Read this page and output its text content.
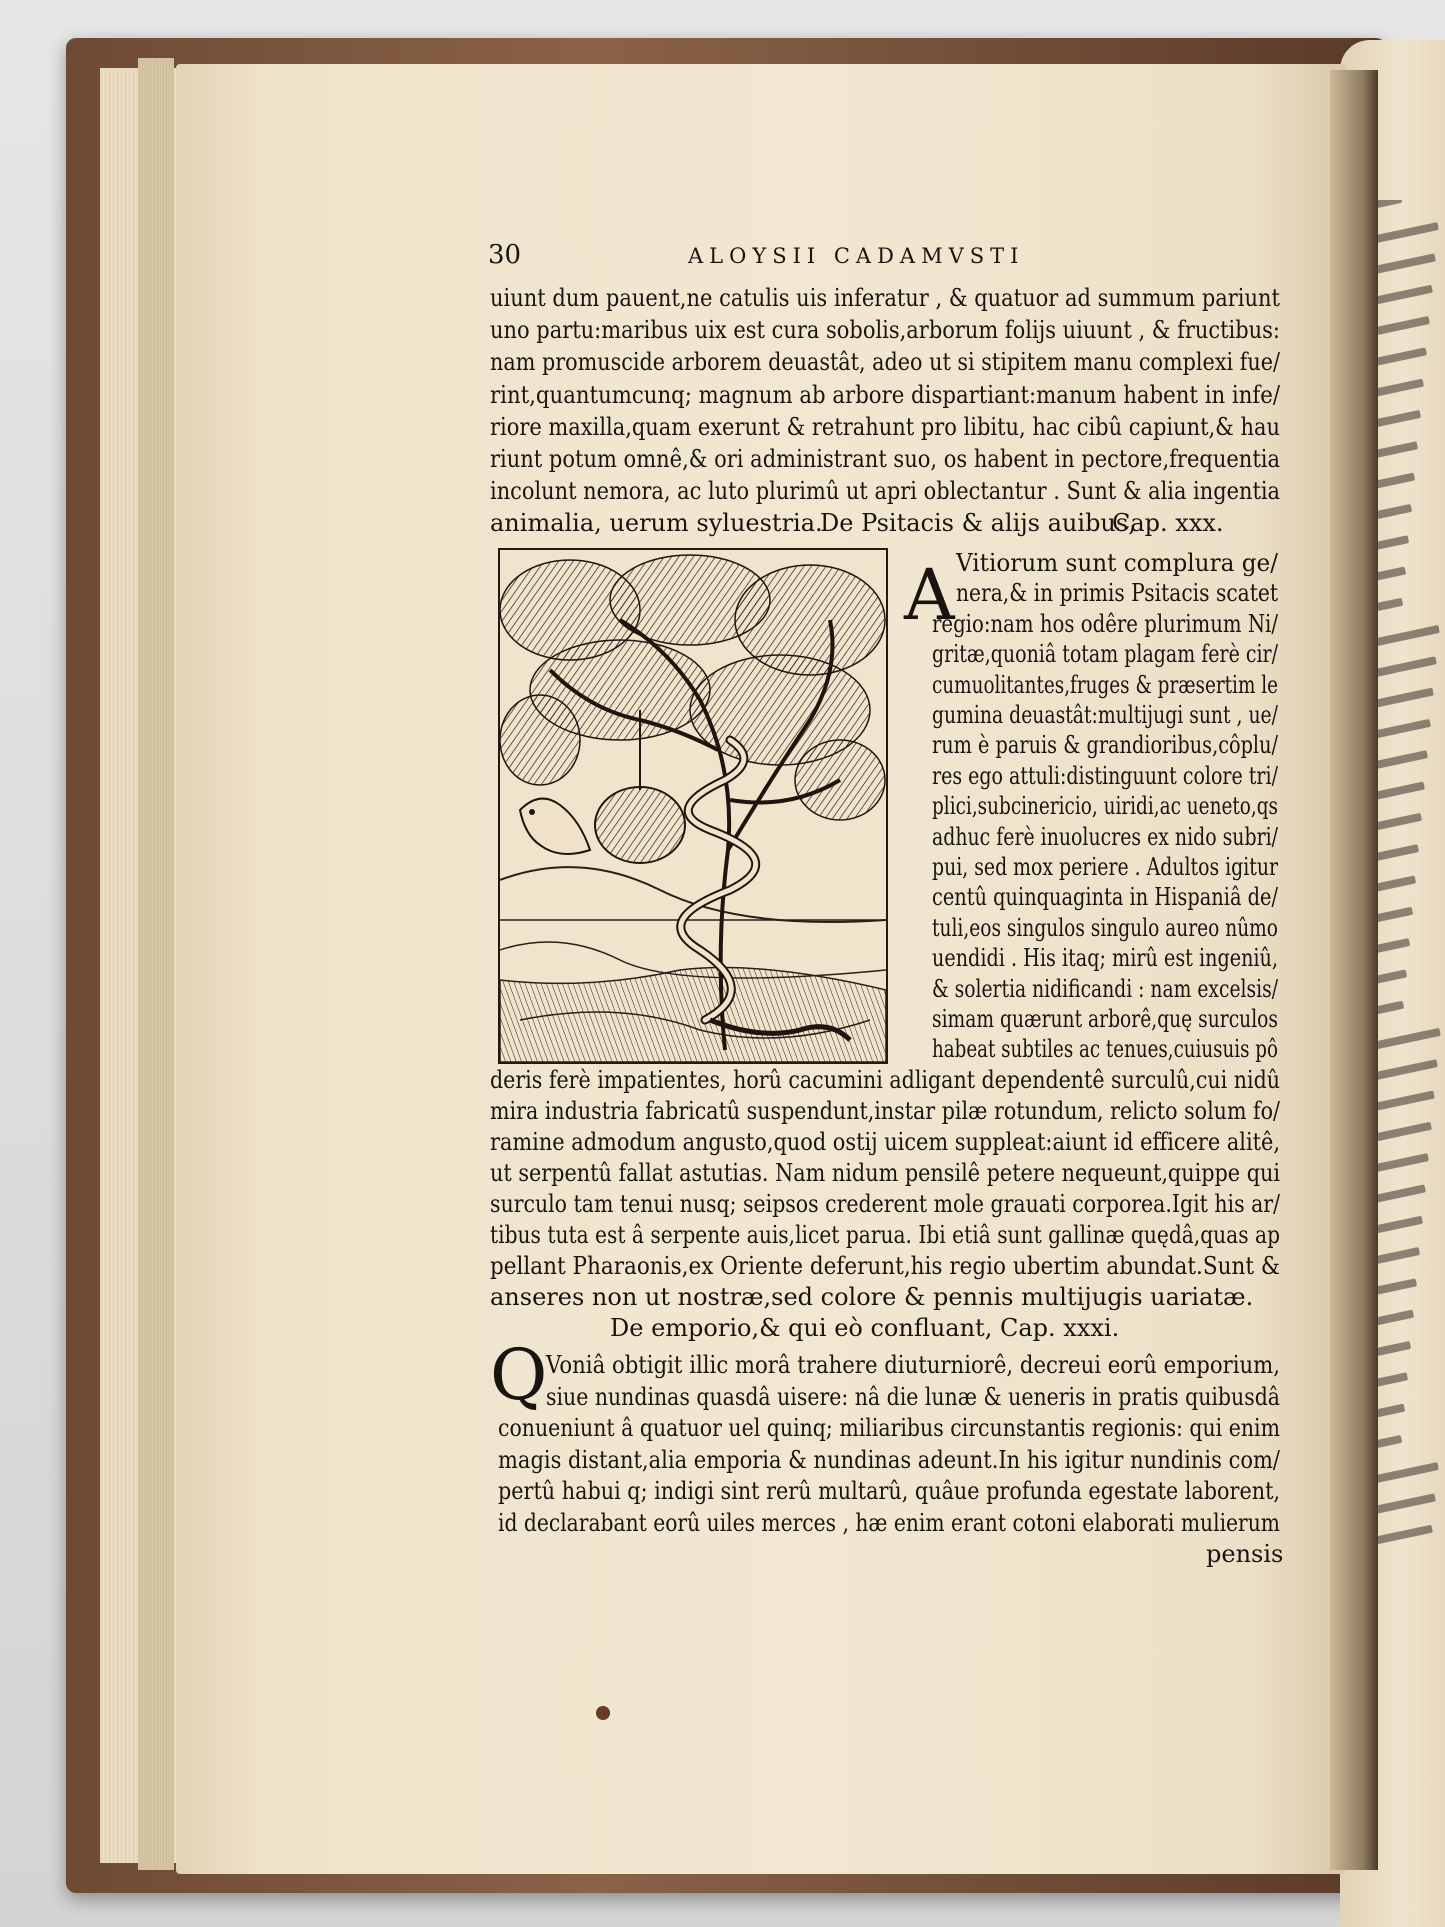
30	ALOYSII CADAMVSTI
uiunt dum pauent,ne catulis uis inferatur , & quatuor ad summum pariunt
uno partu:maribus uix est cura sobolis,arborum folijs uiuunt , & fructibus:
nam promuscide arborem deuastât, adeo ut si stipitem manu complexi fue/
rint,quantumcunq; magnum ab arbore dispartiant:manum habent in infe/
riore maxilla,quam exerunt & retrahunt pro libitu, hac cibû capiunt,& hau
riunt potum omnê,& ori administrant suo, os habent in pectore,frequentia
incolunt nemora, ac luto plurimû ut apri oblectantur . Sunt & alia ingentia
animalia, uerum syluestria.
De Psitacis & alijs auibus,
Cap. xxx.
A Vitiorum sunt complura ge/
nera,& in primis Psitacis scatet
regio:nam hos odêre plurimum Ni/
gritæ,quoniâ totam plagam ferè cir/
cumuolitantes,fruges & præsertim le
gumina deuastât:multijugi sunt , ue/
rum è paruis & grandioribus,côplu/
res ego attuli:distinguunt colore tri/
plici,subcinericio, uiridi,ac ueneto,qs
adhuc ferè inuolucres ex nido subri/
pui, sed mox periere . Adultos igitur
centû quinquaginta in Hispaniâ de/
tuli,eos singulos singulo aureo nûmo
uendidi . His itaq; mirû est ingeniû,
& solertia nidificandi : nam excelsis/
simam quærunt arborê,quę surculos
habeat subtiles ac tenues,cuiusuis pô
deris ferè impatientes, horû cacumini adligant dependentê surculû,cui nidû
mira industria fabricatû suspendunt,instar pilæ rotundum, relicto solum fo/
ramine admodum angusto,quod ostij uicem suppleat:aiunt id efficere alitê,
ut serpentû fallat astutias. Nam nidum pensilê petere nequeunt,quippe qui
surculo tam tenui nusq; seipsos crederent mole grauati corporea.Igit his ar/
tibus tuta est â serpente auis,licet parua. Ibi etiâ sunt gallinæ quędâ,quas ap
pellant Pharaonis,ex Oriente deferunt,his regio ubertim abundat.Sunt &
anseres non ut nostræ,sed colore & pennis multijugis uariatæ.
De emporio,& qui eò confluant, Cap. xxxi.
Q
Voniâ obtigit illic morâ trahere diuturniorê, decreui eorû emporium,
siue nundinas quasdâ uisere: nâ die lunæ & ueneris in pratis quibusdâ
conueniunt â quatuor uel quinq; miliaribus circunstantis regionis: qui enim
magis distant,alia emporia & nundinas adeunt.In his igitur nundinis com/
pertû habui q; indigi sint rerû multarû, quâue profunda egestate laborent,
id declarabant eorû uiles merces , hæ enim erant cotoni elaborati mulierum
pensis
